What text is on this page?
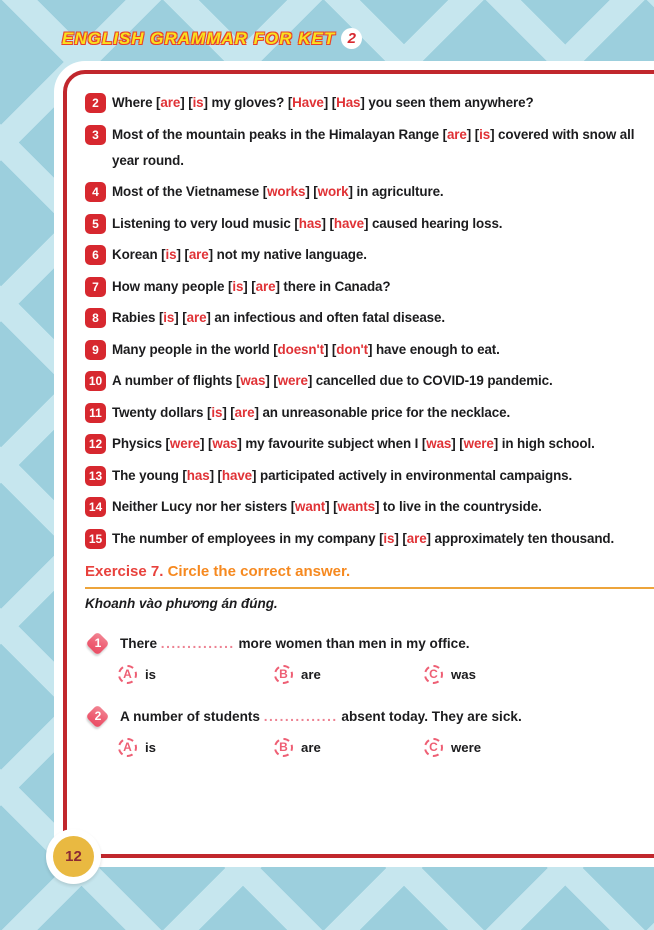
ENGLISH GRAMMAR FOR KET 2
2 Where [are] [is] my gloves? [Have] [Has] you seen them anywhere?
3 Most of the mountain peaks in the Himalayan Range [are] [is] covered with snow all year round.
4 Most of the Vietnamese [works] [work] in agriculture.
5 Listening to very loud music [has] [have] caused hearing loss.
6 Korean [is] [are] not my native language.
7 How many people [is] [are] there in Canada?
8 Rabies [is] [are] an infectious and often fatal disease.
9 Many people in the world [doesn't] [don't] have enough to eat.
10 A number of flights [was] [were] cancelled due to COVID-19 pandemic.
11 Twenty dollars [is] [are] an unreasonable price for the necklace.
12 Physics [were] [was] my favourite subject when I [was] [were] in high school.
13 The young [has] [have] participated actively in environmental campaigns.
14 Neither Lucy nor her sisters [want] [wants] to live in the countryside.
15 The number of employees in my company [is] [are] approximately ten thousand.
Exercise 7. Circle the correct answer.
Khoanh vào phương án đúng.
1	There .............. more women than men in my office.
A is	B are	C was
2	A number of students .............. absent today. They are sick.
A is	B are	C were
12
